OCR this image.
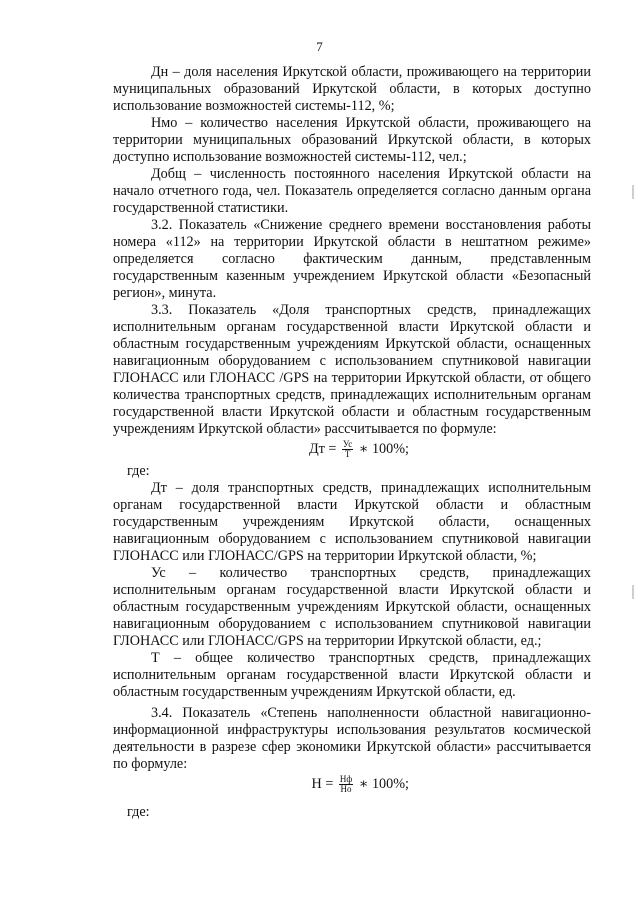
7

Дн – доля населения Иркутской области, проживающего на территории муниципальных образований Иркутской области, в которых доступно использование возможностей системы-112, %;

Нмо – количество населения Иркутской области, проживающего на территории муниципальных образований Иркутской области, в которых доступно использование возможностей системы-112, чел.;

Добщ – численность постоянного населения Иркутской области на начало отчетного года, чел. Показатель определяется согласно данным органа государственной статистики.

3.2. Показатель «Снижение среднего времени восстановления работы номера «112» на территории Иркутской области в нештатном режиме» определяется согласно фактическим данным, представленным государственным казенным учреждением Иркутской области «Безопасный регион», минута.

3.3. Показатель «Доля транспортных средств, принадлежащих исполнительным органам государственной власти Иркутской области и областным государственным учреждениям Иркутской области, оснащенных навигационным оборудованием с использованием спутниковой навигации ГЛОНАСС или ГЛОНАСС /GPS на территории Иркутской области, от общего количества транспортных средств, принадлежащих исполнительным органам государственной власти Иркутской области и областным государственным учреждениям Иркутской области» рассчитывается по формуле:

Дт = $\frac{Ус}{Т}$ ∗ 100%;

где:

Дт – доля транспортных средств, принадлежащих исполнительным органам государственной власти Иркутской области и областным государственным учреждениям Иркутской области, оснащенных навигационным оборудованием с использованием спутниковой навигации ГЛОНАСС или ГЛОНАСС/GPS на территории Иркутской области, %;

Ус – количество транспортных средств, принадлежащих исполнительным органам государственной власти Иркутской области и областным государственным учреждениям Иркутской области, оснащенных навигационным оборудованием с использованием спутниковой навигации ГЛОНАСС или ГЛОНАСС/GPS на территории Иркутской области, ед.;

Т – общее количество транспортных средств, принадлежащих исполнительным органам государственной власти Иркутской области и областным государственным учреждениям Иркутской области, ед.

3.4. Показатель «Степень наполненности областной навигационно-информационной инфраструктуры использования результатов космической деятельности в разрезе сфер экономики Иркутской области» рассчитывается по формуле:

$Н = \frac{Нф}{Но}$ ∗ 100%;

где:
